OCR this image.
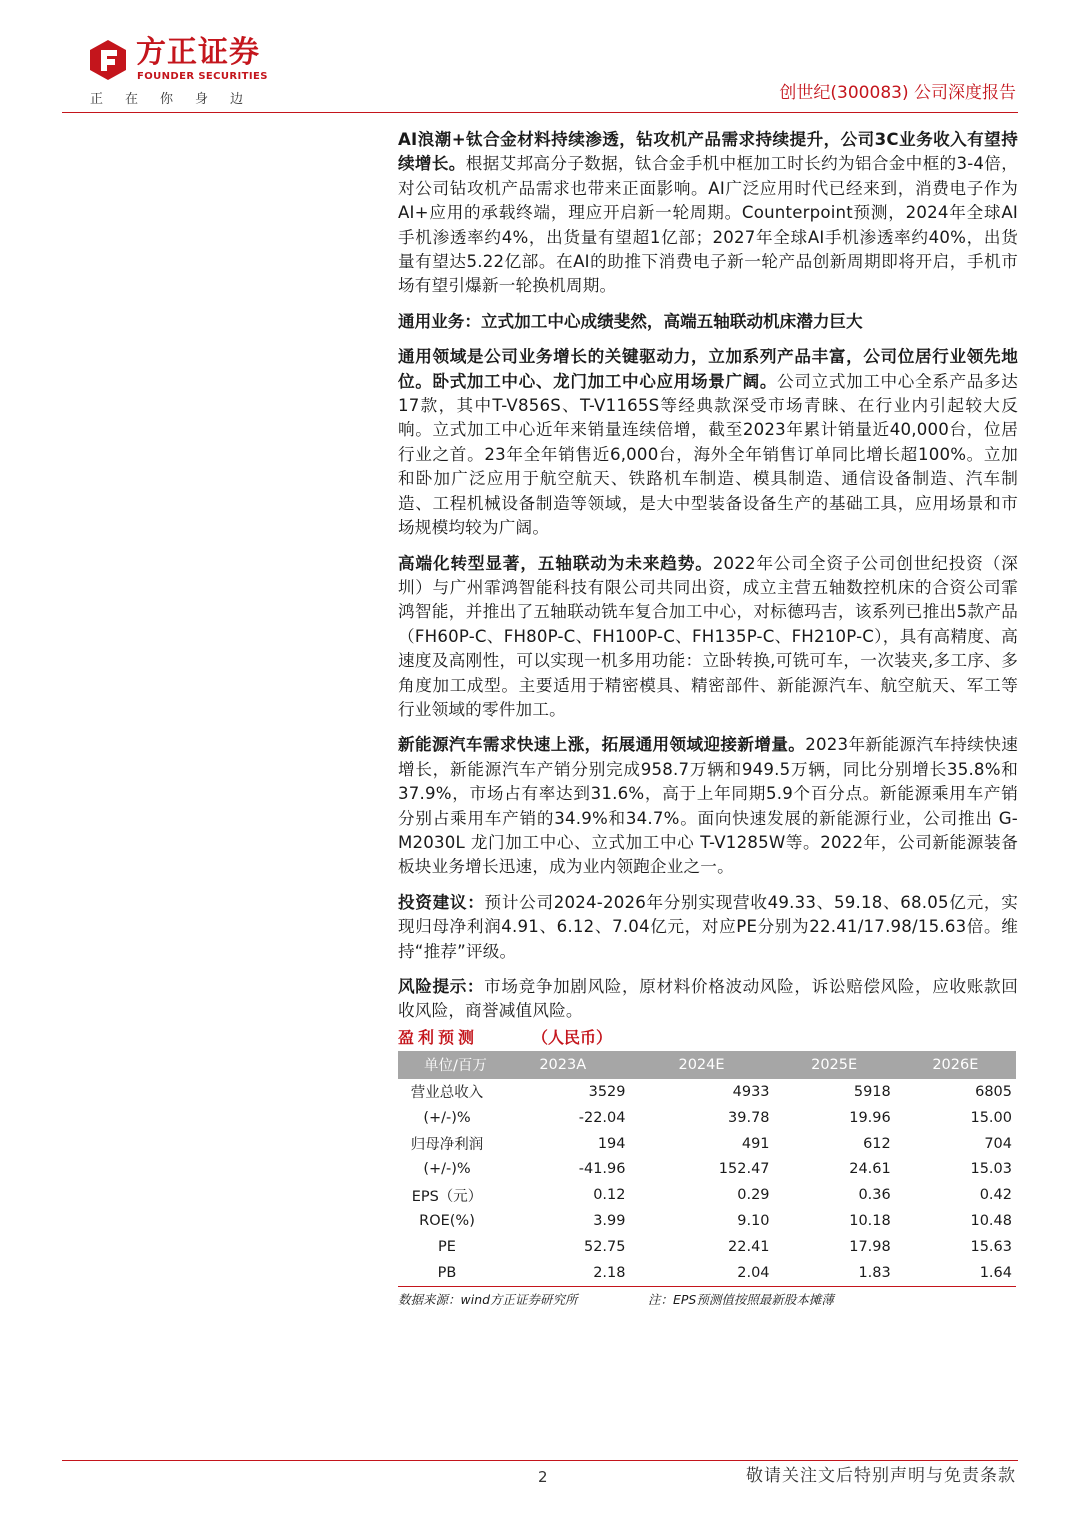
方正证券
FOUNDER SECURITIES
正在你身边	创世纪(300083) 公司深度报告

AI浪潮+钛合金材料持续渗透，钻攻机产品需求持续提升，公司3C业务收入有望持续增长。根据艾邦高分子数据，钛合金手机中框加工时长约为铝合金中框的3-4倍，对公司钻攻机产品需求也带来正面影响。AI广泛应用时代已经来到，消费电子作为AI+应用的承载终端，理应开启新一轮周期。Counterpoint预测，2024年全球AI手机渗透率约4%，出货量有望超1亿部；2027年全球AI手机渗透率约40%，出货量有望达5.22亿部。在AI的助推下消费电子新一轮产品创新周期即将开启，手机市场有望引爆新一轮换机周期。

通用业务：立式加工中心成绩斐然，高端五轴联动机床潜力巨大

通用领域是公司业务增长的关键驱动力，立加系列产品丰富，公司位居行业领先地位。卧式加工中心、龙门加工中心应用场景广阔。公司立式加工中心全系产品多达17款，其中T-V856S、T-V1165S等经典款深受市场青睐、在行业内引起较大反响。立式加工中心近年来销量连续倍增，截至2023年累计销量近40,000台，位居行业之首。23年全年销售近6,000台，海外全年销售订单同比增长超100%。立加和卧加广泛应用于航空航天、铁路机车制造、模具制造、通信设备制造、汽车制造、工程机械设备制造等领域，是大中型装备设备生产的基础工具，应用场景和市场规模均较为广阔。

高端化转型显著，五轴联动为未来趋势。2022年公司全资子公司创世纪投资（深圳）与广州霏鸿智能科技有限公司共同出资，成立主营五轴数控机床的合资公司霏鸿智能，并推出了五轴联动铣车复合加工中心，对标德玛吉，该系列已推出5款产品（FH60P-C、FH80P-C、FH100P-C、FH135P-C、FH210P-C），具有高精度、高速度及高刚性，可以实现一机多用功能：立卧转换,可铣可车，一次装夹,多工序、多角度加工成型。主要适用于精密模具、精密部件、新能源汽车、航空航天、军工等行业领域的零件加工。

新能源汽车需求快速上涨，拓展通用领域迎接新增量。2023年新能源汽车持续快速增长，新能源汽车产销分别完成958.7万辆和949.5万辆，同比分别增长35.8%和37.9%，市场占有率达到31.6%，高于上年同期5.9个百分点。新能源乘用车产销分别占乘用车产销的34.9%和34.7%。面向快速发展的新能源行业，公司推出 G-M2030L 龙门加工中心、立式加工中心 T-V1285W等。2022年，公司新能源装备板块业务增长迅速，成为业内领跑企业之一。

投资建议：预计公司2024-2026年分别实现营收49.33、59.18、68.05亿元，实现归母净利润4.91、6.12、7.04亿元，对应PE分别为22.41/17.98/15.63倍。维持“推荐”评级。

风险提示：市场竞争加剧风险，原材料价格波动风险，诉讼赔偿风险，应收账款回收风险，商誉减值风险。

盈利预测	（人民币）
单位/百万	2023A	2024E	2025E	2026E
营业总收入	3529	4933	5918	6805
(+/-)%	-22.04	39.78	19.96	15.00
归母净利润	194	491	612	704
(+/-)%	-41.96	152.47	24.61	15.03
EPS（元）	0.12	0.29	0.36	0.42
ROE(%)	3.99	9.10	10.18	10.48
PE	52.75	22.41	17.98	15.63
PB	2.18	2.04	1.83	1.64
数据来源：wind方正证券研究所	注：EPS预测值按照最新股本摊薄
2	敬请关注文后特别声明与免责条款
